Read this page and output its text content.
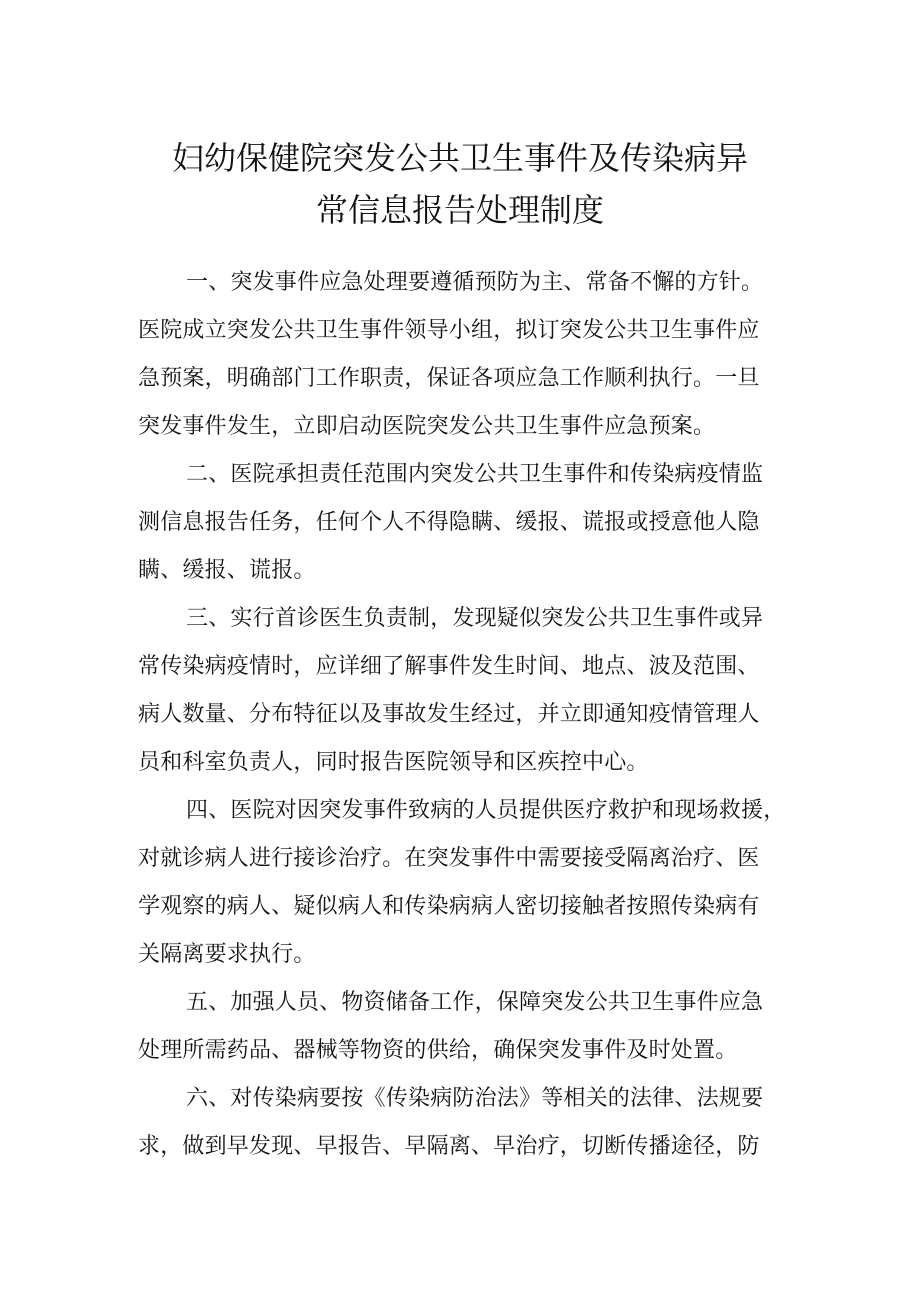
妇幼保健院突发公共卫生事件及传染病异
常信息报告处理制度
一、突发事件应急处理要遵循预防为主、常备不懈的方针。
医院成立突发公共卫生事件领导小组，拟订突发公共卫生事件应
急预案，明确部门工作职责，保证各项应急工作顺利执行。一旦
突发事件发生，立即启动医院突发公共卫生事件应急预案。
二、医院承担责任范围内突发公共卫生事件和传染病疫情监
测信息报告任务，任何个人不得隐瞒、缓报、谎报或授意他人隐
瞒、缓报、谎报。
三、实行首诊医生负责制，发现疑似突发公共卫生事件或异
常传染病疫情时，应详细了解事件发生时间、地点、波及范围、
病人数量、分布特征以及事故发生经过，并立即通知疫情管理人
员和科室负责人，同时报告医院领导和区疾控中心。
四、医院对因突发事件致病的人员提供医疗救护和现场救援，
对就诊病人进行接诊治疗。在突发事件中需要接受隔离治疗、医
学观察的病人、疑似病人和传染病病人密切接触者按照传染病有
关隔离要求执行。
五、加强人员、物资储备工作，保障突发公共卫生事件应急
处理所需药品、器械等物资的供给，确保突发事件及时处置。
六、对传染病要按《传染病防治法》等相关的法律、法规要
求，做到早发现、早报告、早隔离、早治疗，切断传播途径，防
